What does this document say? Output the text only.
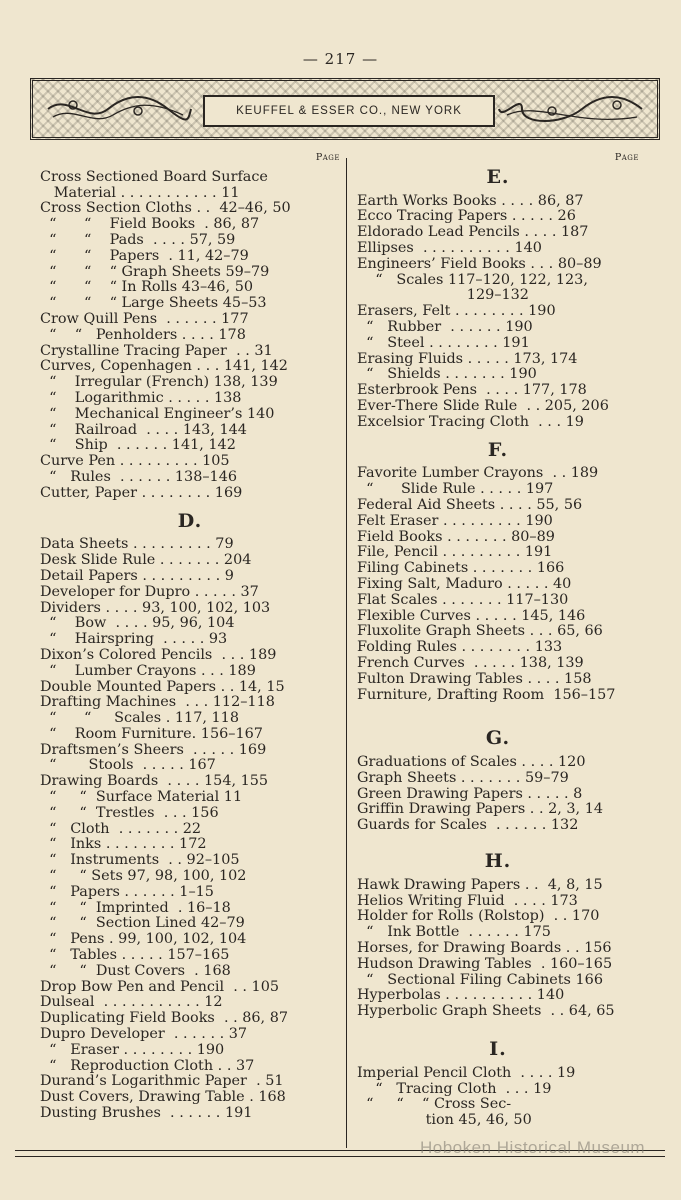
— 217 —
KEUFFEL & ESSER CO., NEW YORK
Page
Cross Sectioned Board Surface
Material . . . . . . . . . . . 11
Cross Section Cloths . .  42–46, 50
“      “    Field Books  . 86, 87
“      “    Pads  . . . . 57, 59
“      “    Papers  . 11, 42–79
“      “    “ Graph Sheets 59–79
“      “    “ In Rolls 43–46, 50
“      “    “ Large Sheets 45–53
Crow Quill Pens  . . . . . . 177
“    “   Penholders . . . . 178
Crystalline Tracing Paper  . . 31
Curves, Copenhagen . . . 141, 142
“    Irregular (French) 138, 139
“    Logarithmic . . . . . 138
“    Mechanical Engineer’s 140
“    Railroad  . . . . 143, 144
“    Ship  . . . . . . 141, 142
Curve Pen . . . . . . . . . 105
“   Rules  . . . . . . 138–146
Cutter, Paper . . . . . . . . 169
D.
Data Sheets . . . . . . . . . 79
Desk Slide Rule . . . . . . . 204
Detail Papers . . . . . . . . . 9
Developer for Dupro . . . . . 37
Dividers . . . . 93, 100, 102, 103
“    Bow  . . . . 95, 96, 104
“    Hairspring  . . . . . 93
Dixon’s Colored Pencils  . . . 189
“    Lumber Crayons . . . 189
Double Mounted Papers . . 14, 15
Drafting Machines  . . . 112–118
“      “     Scales . 117, 118
“    Room Furniture. 156–167
Draftsmen’s Sheers  . . . . . 169
“       Stools  . . . . . 167
Drawing Boards  . . . . 154, 155
“     “  Surface Material 11
“     “  Trestles  . . . 156
“   Cloth  . . . . . . . 22
“   Inks . . . . . . . . 172
“   Instruments  . . 92–105
“     “ Sets 97, 98, 100, 102
“   Papers . . . . . . 1–15
“     “  Imprinted  . 16–18
“     “  Section Lined 42–79
“   Pens . 99, 100, 102, 104
“   Tables . . . . . 157–165
“     “  Dust Covers  . 168
Drop Bow Pen and Pencil  . . 105
Dulseal  . . . . . . . . . . . 12
Duplicating Field Books  . . 86, 87
Dupro Developer  . . . . . . 37
“   Eraser . . . . . . . . 190
“   Reproduction Cloth . . 37
Durand’s Logarithmic Paper  . 51
Dust Covers, Drawing Table . 168
Dusting Brushes  . . . . . . 191
Page
E.
Earth Works Books . . . . 86, 87
Ecco Tracing Papers . . . . . 26
Eldorado Lead Pencils . . . . 187
Ellipses  . . . . . . . . . . 140
Engineers’ Field Books . . . 80–89
“   Scales 117–120, 122, 123,
129–132
Erasers, Felt . . . . . . . . 190
“   Rubber  . . . . . . 190
“   Steel . . . . . . . . 191
Erasing Fluids . . . . . 173, 174
“   Shields . . . . . . . 190
Esterbrook Pens  . . . . 177, 178
Ever-There Slide Rule  . . 205, 206
Excelsior Tracing Cloth  . . . 19
F.
Favorite Lumber Crayons  . . 189
“      Slide Rule . . . . . 197
Federal Aid Sheets . . . . 55, 56
Felt Eraser . . . . . . . . . 190
Field Books . . . . . . . 80–89
File, Pencil . . . . . . . . . 191
Filing Cabinets . . . . . . . 166
Fixing Salt, Maduro . . . . . 40
Flat Scales . . . . . . . 117–130
Flexible Curves . . . . . 145, 146
Fluxolite Graph Sheets . . . 65, 66
Folding Rules . . . . . . . . 133
French Curves  . . . . . 138, 139
Fulton Drawing Tables . . . . 158
Furniture, Drafting Room  156–157
G.
Graduations of Scales . . . . 120
Graph Sheets . . . . . . . 59–79
Green Drawing Papers . . . . . 8
Griffin Drawing Papers . . 2, 3, 14
Guards for Scales  . . . . . . 132
H.
Hawk Drawing Papers . .  4, 8, 15
Helios Writing Fluid  . . . . 173
Holder for Rolls (Rolstop)  . . 170
“   Ink Bottle  . . . . . . 175
Horses, for Drawing Boards . . 156
Hudson Drawing Tables  . 160–165
“   Sectional Filing Cabinets 166
Hyperbolas . . . . . . . . . . 140
Hyperbolic Graph Sheets  . . 64, 65
I.
Imperial Pencil Cloth  . . . . 19
“   Tracing Cloth  . . . 19
“     “    “ Cross Sec-
tion 45, 46, 50
Hoboken Historical Museum
